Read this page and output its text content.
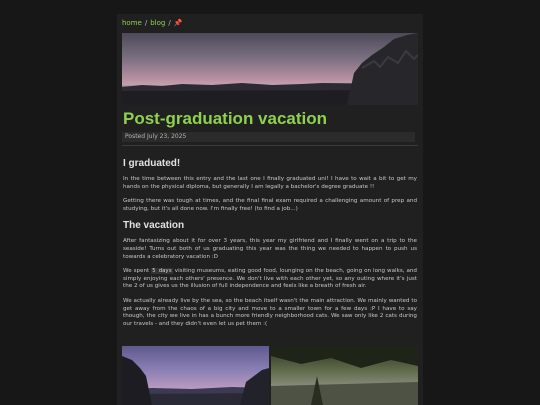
home / blog / 📌
Post-graduation vacation
Posted July 23, 2025
I graduated!

In the time between this entry and the last one I finally graduated uni! I have to wait a bit to get my hands on the physical diploma, but generally I am legally a bachelor's degree graduate !!

Getting there was tough at times, and the final final exam required a challenging amount of prep and studying, but it's all done now. I'm finally free! (to find a job...)

The vacation

After fantasizing about it for over 3 years, this year my girlfriend and I finally went on a trip to the seaside! Turns out both of us graduating this year was the thing we needed to happen to push us towards a celebratory vacation :D

We spent 5 days visiting museums, eating good food, lounging on the beach, going on long walks, and simply enjoying each others' presence. We don't live with each other yet, so any outing where it's just the 2 of us gives us the illusion of full independence and feels like a breath of fresh air.

We actually already live by the sea, so the beach itself wasn't the main attraction. We mainly wanted to get away from the chaos of a big city and move to a smaller town for a few days :P I have to say though, the city we live in has a bunch more friendly neighborhood cats. We saw only like 2 cats during our travels - and they didn't even let us pet them :(
